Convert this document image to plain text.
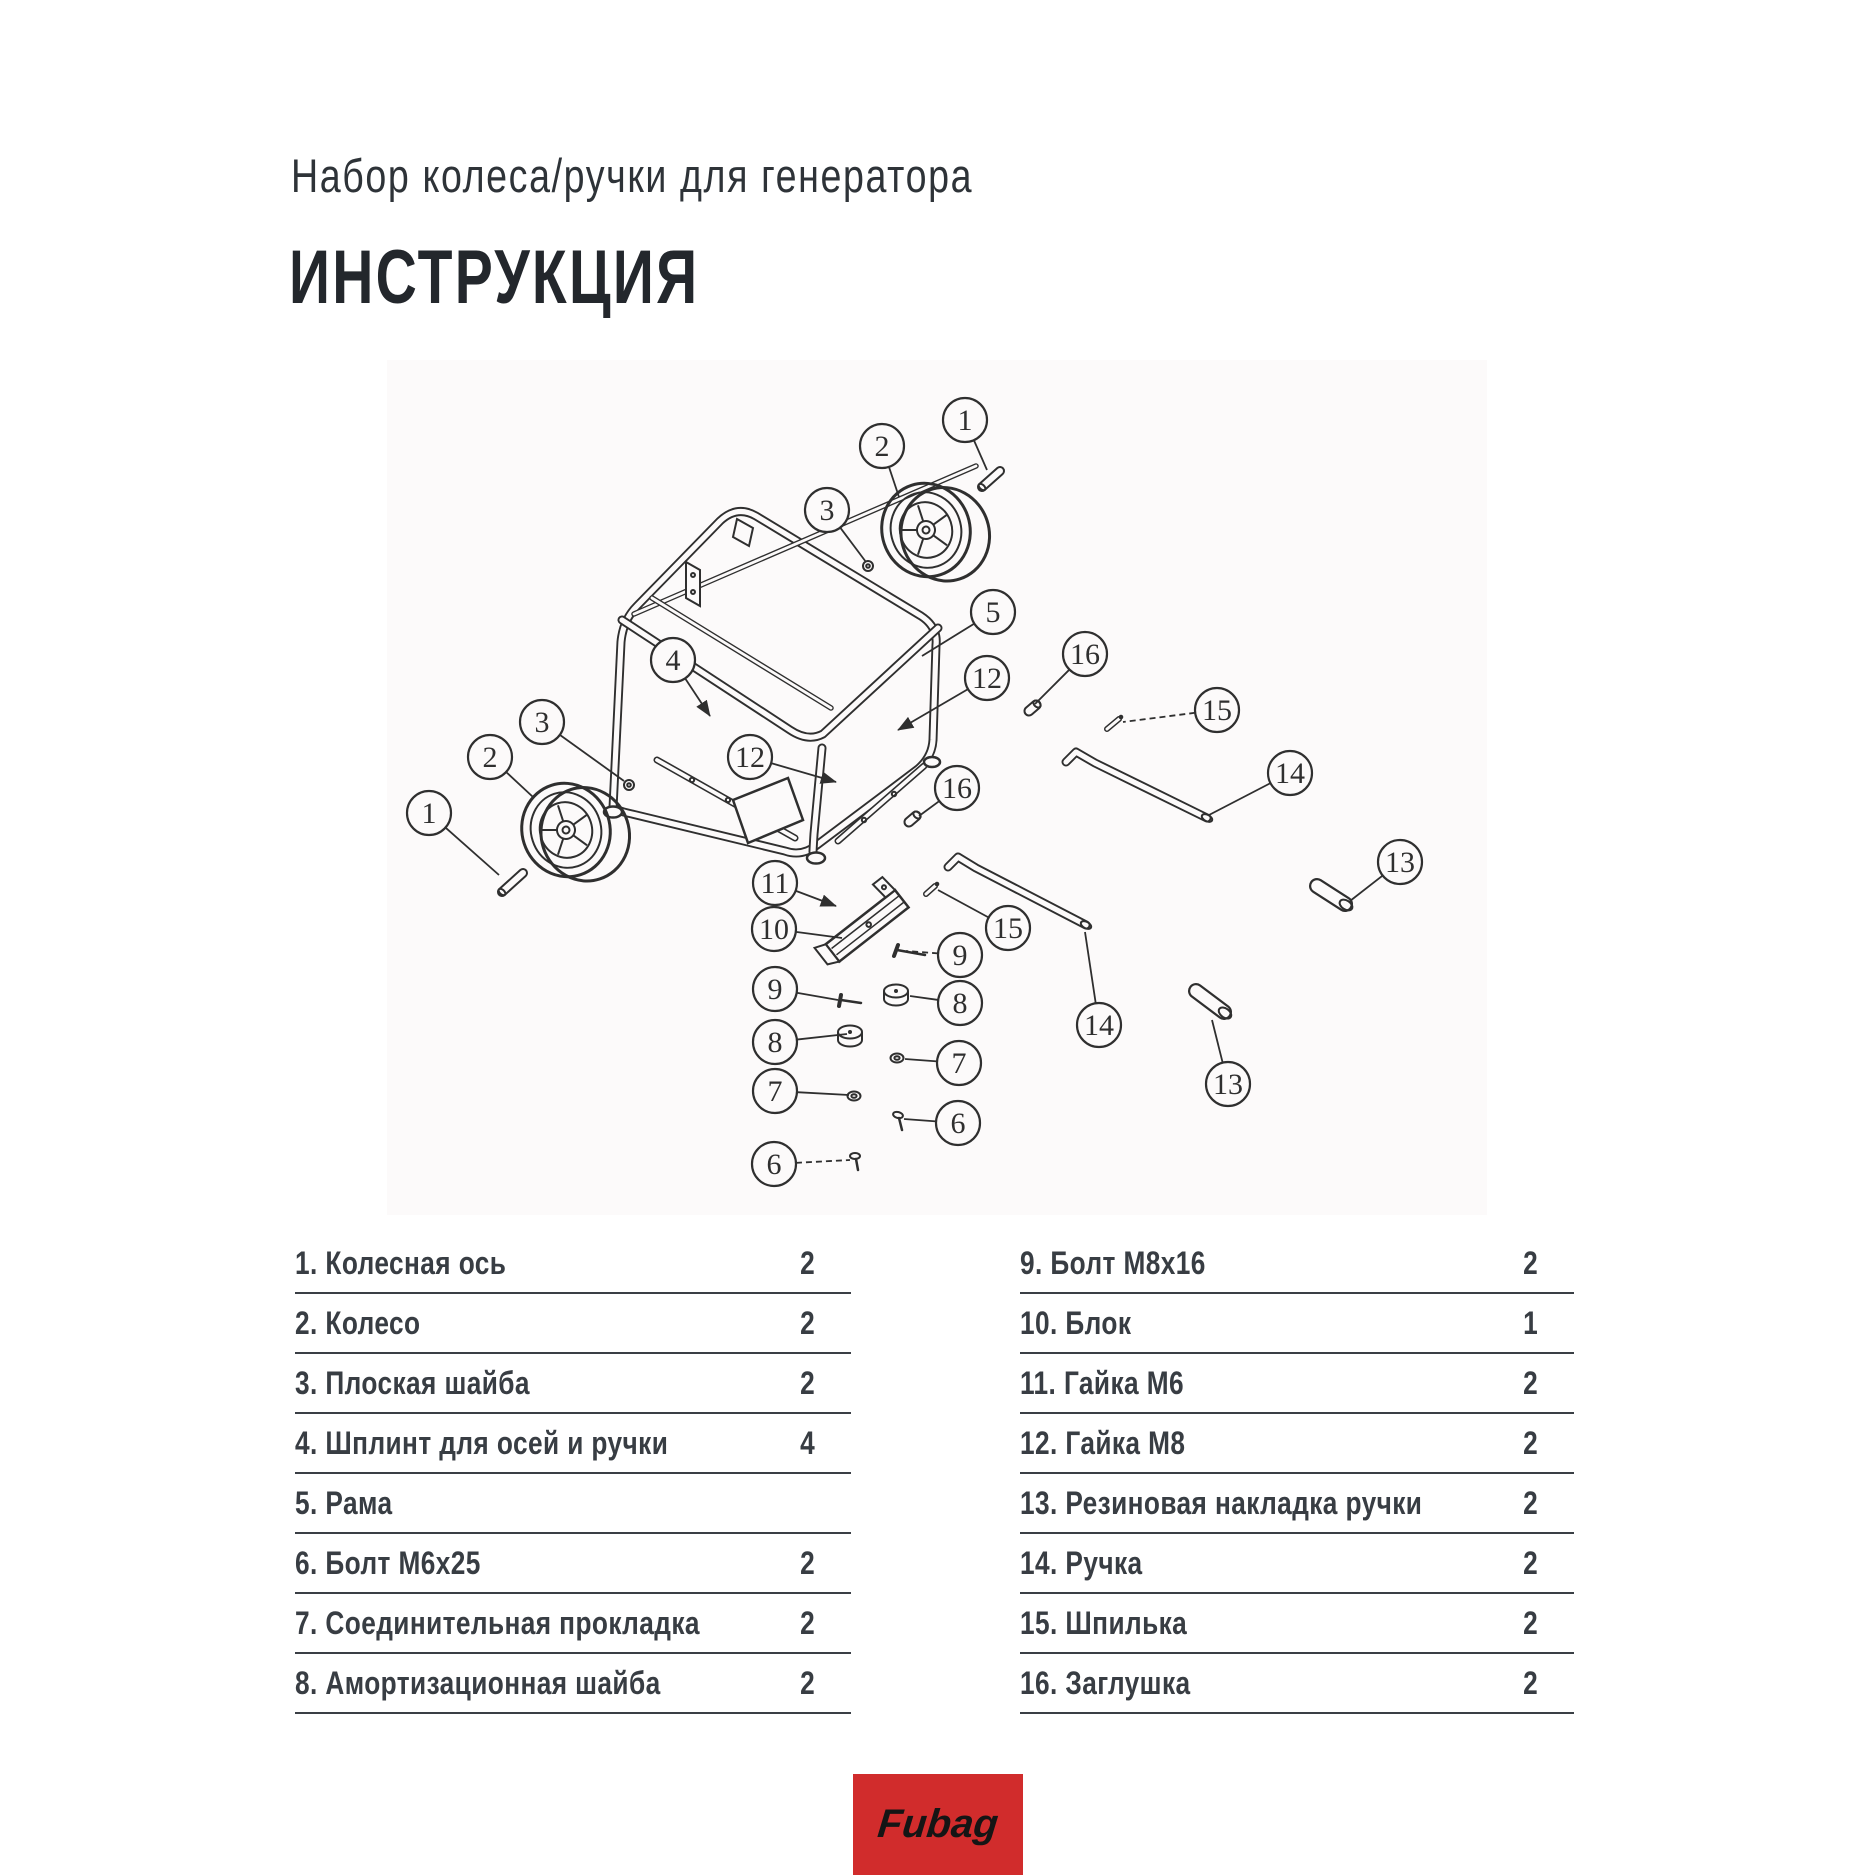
Набор колеса/ручки для генератора
ИНСТРУКЦИЯ
1
2
3
4
5
16
12
15
14
3
2	12
16
1
13
11
10	15
9
9	8
8
7
7
14
6
6
13
1. Колесная ось	2
2. Колесо	2
3. Плоская шайба	2
4. Шплинт для осей и ручки	4
5. Рама
6. Болт M6x25	2
7. Соединительная прокладка	2
8. Амортизационная шайба	2
9. Болт M8x16	2
10. Блок	1
11. Гайка M6	2
12. Гайка M8	2
13. Резиновая накладка ручки	2
14. Ручка	2
15. Шпилька	2
16. Заглушка	2
Fubag
